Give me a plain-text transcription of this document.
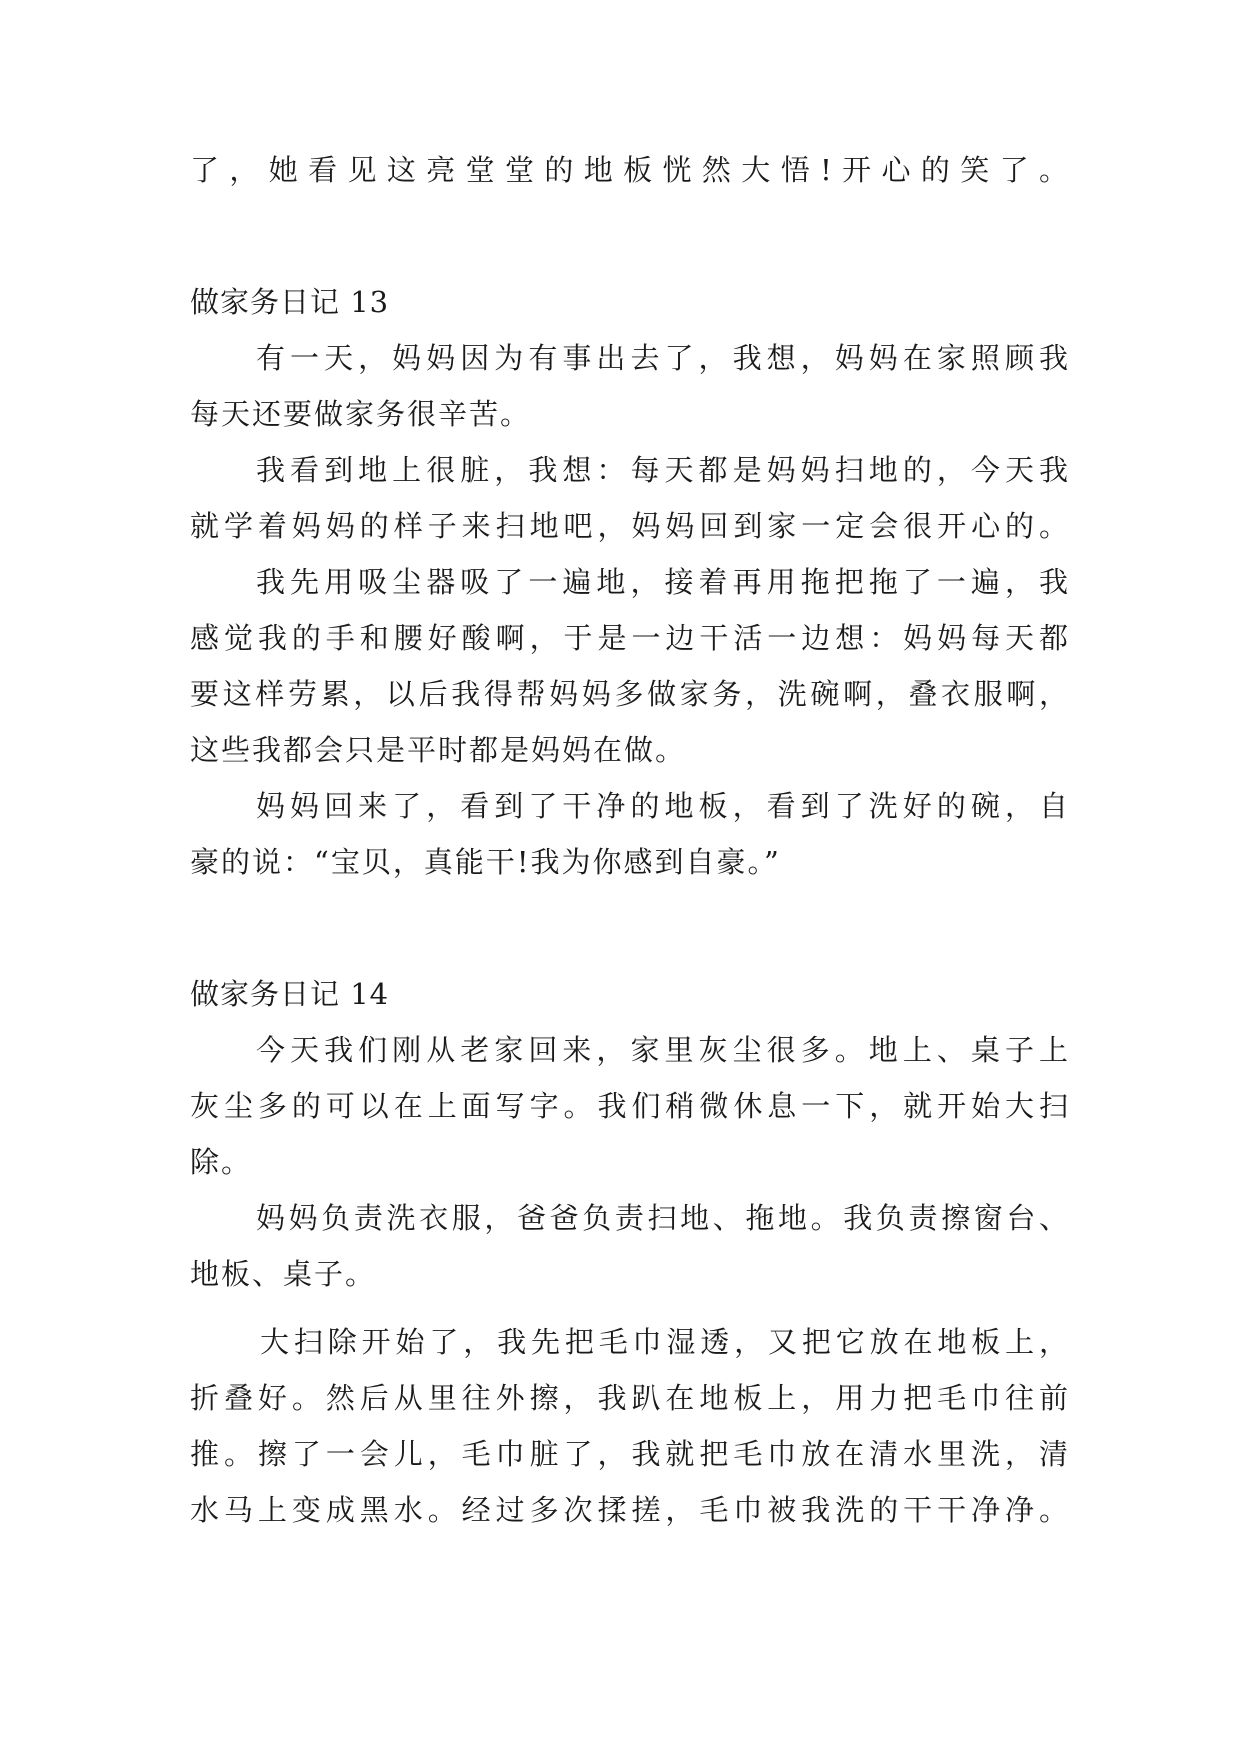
了，她看见这亮堂堂的地板恍然大悟!开心的笑了。
做家务日记 13
有一天，妈妈因为有事出去了，我想，妈妈在家照顾我
每天还要做家务很辛苦。
我看到地上很脏，我想：每天都是妈妈扫地的，今天我
就学着妈妈的样子来扫地吧，妈妈回到家一定会很开心的。
我先用吸尘器吸了一遍地，接着再用拖把拖了一遍，我
感觉我的手和腰好酸啊，于是一边干活一边想：妈妈每天都
要这样劳累，以后我得帮妈妈多做家务，洗碗啊，叠衣服啊，
这些我都会只是平时都是妈妈在做。
妈妈回来了，看到了干净的地板，看到了洗好的碗，自
豪的说：“宝贝，真能干!我为你感到自豪。”
做家务日记 14
今天我们刚从老家回来，家里灰尘很多。地上、桌子上
灰尘多的可以在上面写字。我们稍微休息一下，就开始大扫
除。
妈妈负责洗衣服，爸爸负责扫地、拖地。我负责擦窗台、
地板、桌子。
大扫除开始了，我先把毛巾湿透，又把它放在地板上，
折叠好。然后从里往外擦，我趴在地板上，用力把毛巾往前
推。擦了一会儿，毛巾脏了，我就把毛巾放在清水里洗，清
水马上变成黑水。经过多次揉搓，毛巾被我洗的干干净净。
